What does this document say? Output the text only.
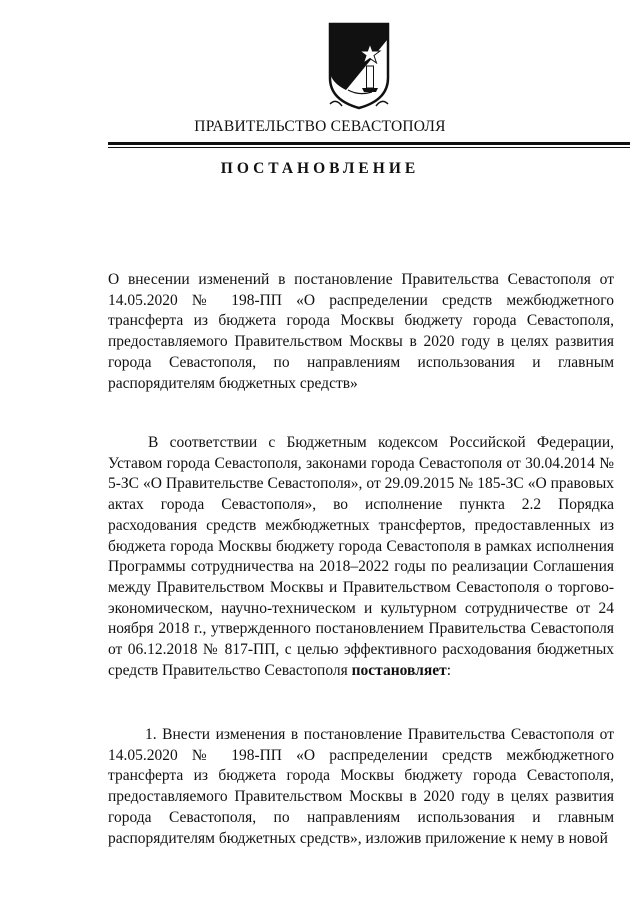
ПРАВИТЕЛЬСТВО СЕВАСТОПОЛЯ
ПОСТАНОВЛЕНИЕ
О внесении изменений в постановление Правительства Севастополя от 14.05.2020 № 198-ПП «О распределении средств межбюджетного трансферта из бюджета города Москвы бюджету города Севастополя, предоставляемого Правительством Москвы в 2020 году в целях развития города Севастополя, по направлениям использования и главным распорядителям бюджетных средств»
В соответствии с Бюджетным кодексом Российской Федерации, Уставом города Севастополя, законами города Севастополя от 30.04.2014 № 5-ЗС «О Правительстве Севастополя», от 29.09.2015 № 185-ЗС «О правовых актах города Севастополя», во исполнение пункта 2.2 Порядка расходования средств межбюджетных трансфертов, предоставленных из бюджета города Москвы бюджету города Севастополя в рамках исполнения Программы сотрудничества на 2018–2022 годы по реализации Соглашения между Правительством Москвы и Правительством Севастополя о торгово-экономическом, научно-техническом и культурном сотрудничестве от 24 ноября 2018 г., утвержденного постановлением Правительства Севастополя от 06.12.2018 № 817-ПП, с целью эффективного расходования бюджетных средств Правительство Севастополя постановляет:
1. Внести изменения в постановление Правительства Севастополя от 14.05.2020 № 198-ПП «О распределении средств межбюджетного трансферта из бюджета города Москвы бюджету города Севастополя, предоставляемого Правительством Москвы в 2020 году в целях развития города Севастополя, по направлениям использования и главным распорядителям бюджетных средств», изложив приложение к нему в новой
